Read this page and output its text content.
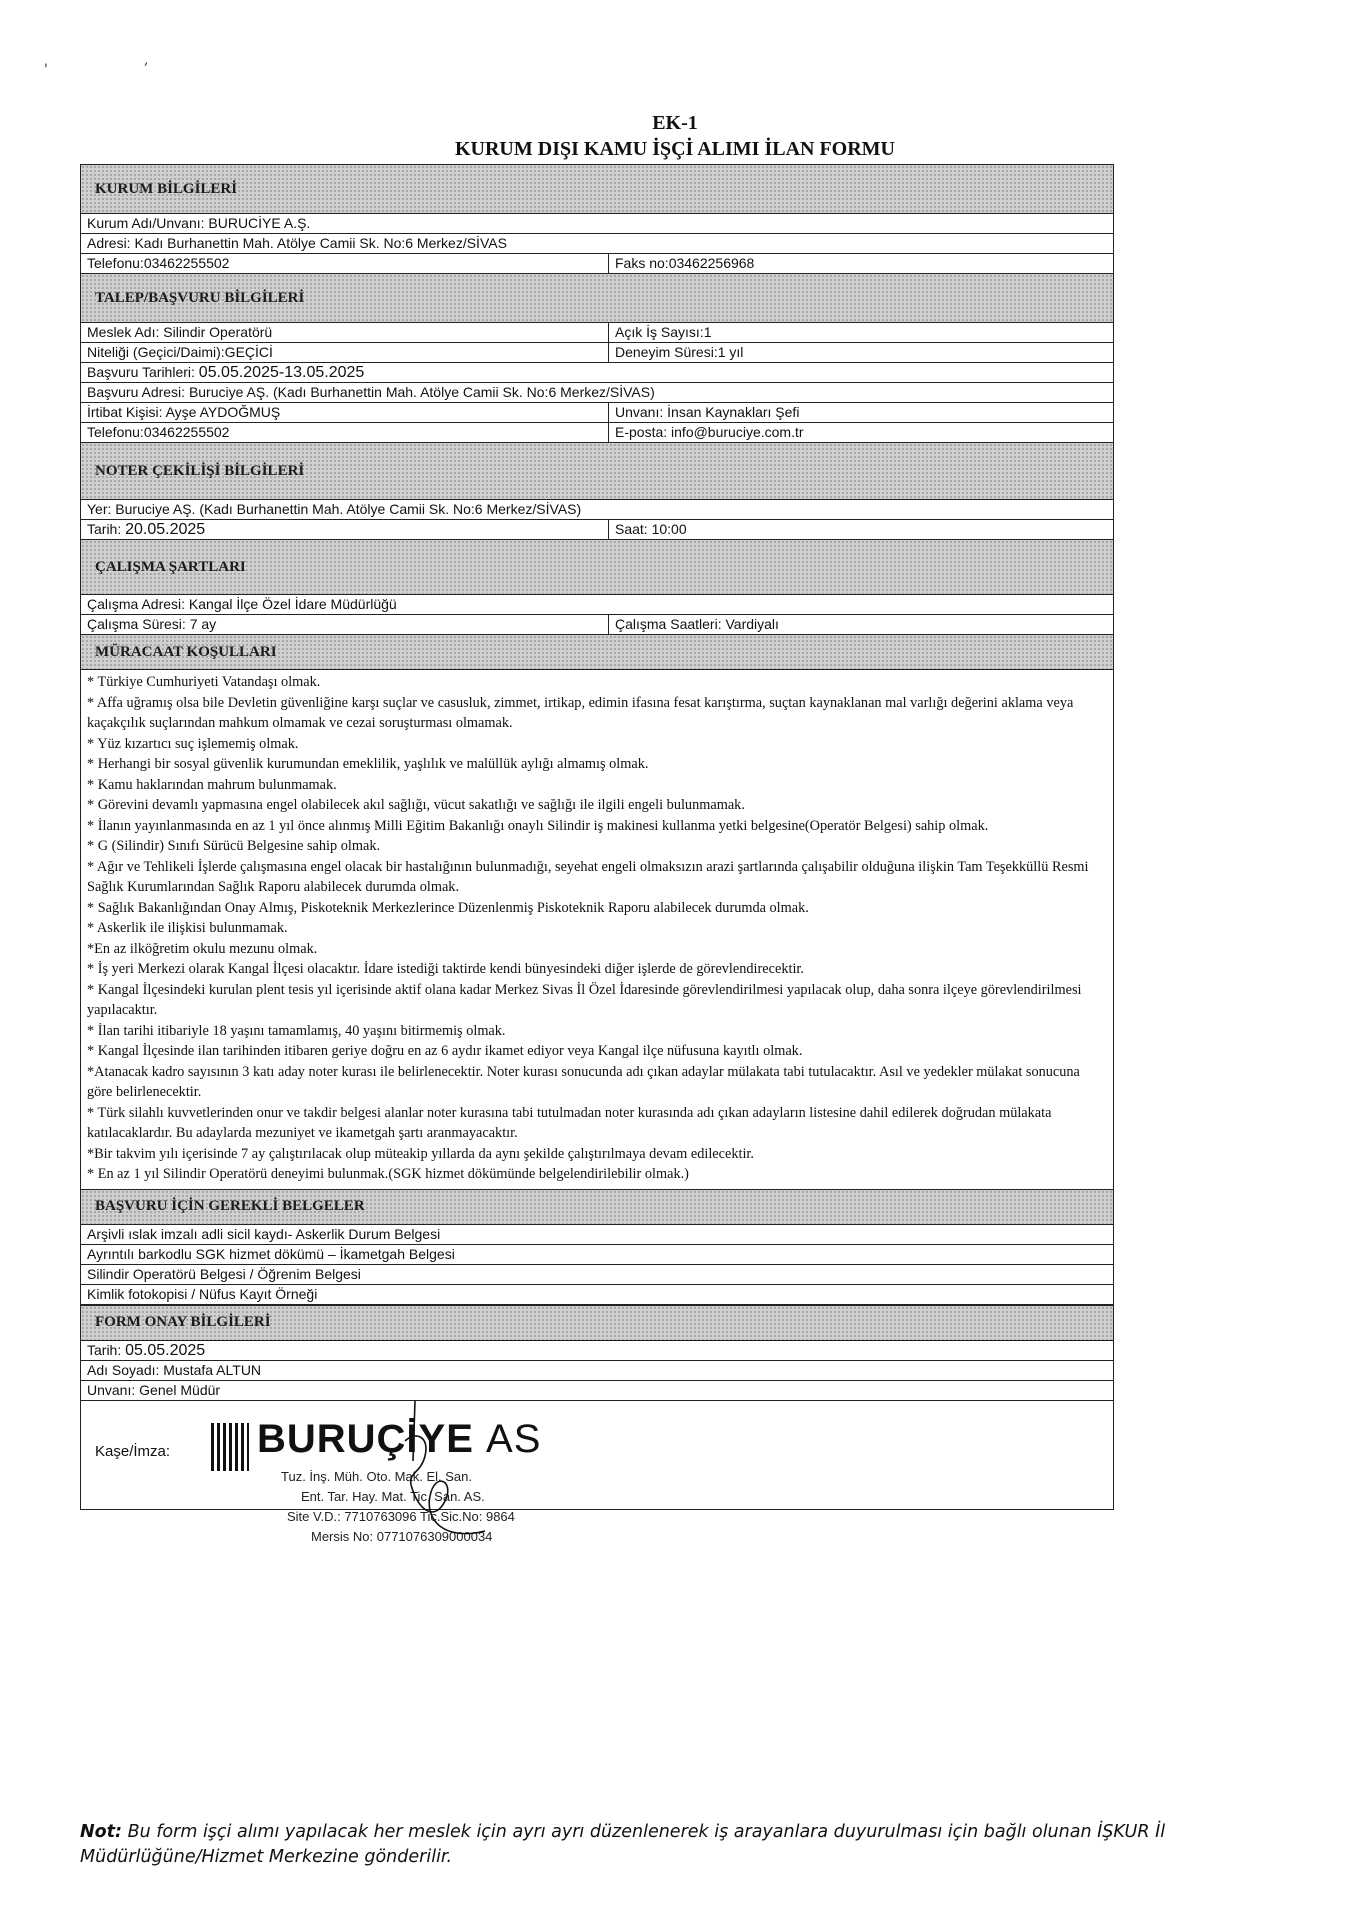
'
,
EK-1
KURUM DIŞI KAMU İŞÇİ ALIMI İLAN FORMU
KURUM BİLGİLERİ
Kurum Adı/Unvanı: BURUCİYE A.Ş.
Adresi: Kadı Burhanettin Mah. Atölye Camii Sk. No:6 Merkez/SİVAS
Telefonu:03462255502	Faks no:03462256968
TALEP/BAŞVURU BİLGİLERİ
Meslek Adı: Silindir Operatörü	Açık İş Sayısı:1
Niteliği (Geçici/Daimi):GEÇİCİ	Deneyim Süresi:1 yıl
Başvuru Tarihleri: 05.05.2025-13.05.2025
Başvuru Adresi: Buruciye AŞ. (Kadı Burhanettin Mah. Atölye Camii Sk. No:6 Merkez/SİVAS)
İrtibat Kişisi: Ayşe AYDOĞMUŞ	Unvanı: İnsan Kaynakları Şefi
Telefonu:03462255502	E-posta: info@buruciye.com.tr
NOTER ÇEKİLİŞİ BİLGİLERİ
Yer: Buruciye AŞ. (Kadı Burhanettin Mah. Atölye Camii Sk. No:6 Merkez/SİVAS)
Tarih: 20.05.2025	Saat: 10:00
ÇALIŞMA ŞARTLARI
Çalışma Adresi: Kangal İlçe Özel İdare Müdürlüğü
Çalışma Süresi: 7 ay	Çalışma Saatleri: Vardiyalı
MÜRACAAT KOŞULLARI

* Türkiye Cumhuriyeti Vatandaşı olmak.

* Affa uğramış olsa bile Devletin güvenliğine karşı suçlar ve casusluk, zimmet, irtikap, edimin ifasına fesat karıştırma, suçtan kaynaklanan mal varlığı değerini aklama veya kaçakçılık suçlarından mahkum olmamak ve cezai soruşturması olmamak.

* Yüz kızartıcı suç işlememiş olmak.

* Herhangi bir sosyal güvenlik kurumundan emeklilik, yaşlılık ve malüllük aylığı almamış olmak.

* Kamu haklarından mahrum bulunmamak.

* Görevini devamlı yapmasına engel olabilecek akıl sağlığı, vücut sakatlığı ve sağlığı ile ilgili engeli bulunmamak.

* İlanın yayınlanmasında en az 1 yıl önce alınmış Milli Eğitim Bakanlığı onaylı Silindir iş makinesi kullanma yetki belgesine(Operatör Belgesi) sahip olmak.

* G (Silindir) Sınıfı Sürücü Belgesine sahip olmak.

* Ağır ve Tehlikeli İşlerde çalışmasına engel olacak bir hastalığının bulunmadığı, seyehat engeli olmaksızın arazi şartlarında çalışabilir olduğuna ilişkin Tam Teşekküllü Resmi Sağlık Kurumlarından Sağlık Raporu alabilecek durumda olmak.

* Sağlık Bakanlığından Onay Almış, Piskoteknik Merkezlerince Düzenlenmiş Piskoteknik Raporu alabilecek durumda olmak.

* Askerlik ile ilişkisi bulunmamak.

*En az ilköğretim okulu mezunu olmak.

* İş yeri Merkezi olarak Kangal İlçesi olacaktır. İdare istediği taktirde kendi bünyesindeki diğer işlerde de görevlendirecektir.

* Kangal İlçesindeki kurulan plent tesis yıl içerisinde aktif olana kadar Merkez Sivas İl Özel İdaresinde görevlendirilmesi yapılacak olup, daha sonra ilçeye görevlendirilmesi yapılacaktır.

* İlan tarihi itibariyle 18 yaşını tamamlamış, 40 yaşını bitirmemiş olmak.

* Kangal İlçesinde ilan tarihinden itibaren geriye doğru en az 6 aydır ikamet ediyor veya Kangal ilçe nüfusuna kayıtlı olmak.

*Atanacak kadro sayısının 3 katı aday noter kurası ile belirlenecektir. Noter kurası sonucunda adı çıkan adaylar mülakata tabi tutulacaktır. Asıl ve yedekler mülakat sonucuna göre belirlenecektir.

* Türk silahlı kuvvetlerinden onur ve takdir belgesi alanlar noter kurasına tabi tutulmadan noter kurasında adı çıkan adayların listesine dahil edilerek doğrudan mülakata katılacaklardır. Bu adaylarda mezuniyet ve ikametgah şartı aranmayacaktır.

*Bir takvim yılı içerisinde 7 ay çalıştırılacak olup müteakip yıllarda da aynı şekilde çalıştırılmaya devam edilecektir.

* En az 1 yıl Silindir Operatörü deneyimi bulunmak.(SGK hizmet dökümünde belgelendirilebilir olmak.)

BAŞVURU İÇİN GEREKLİ BELGELER
Arşivli ıslak imzalı adli sicil kaydı- Askerlik Durum Belgesi
Ayrıntılı barkodlu SGK hizmet dökümü – İkametgah Belgesi
Silindir Operatörü Belgesi / Öğrenim Belgesi
Kimlik fotokopisi / Nüfus Kayıt Örneği
FORM ONAY BİLGİLERİ
Tarih: 05.05.2025
Adı Soyadı: Mustafa ALTUN
Unvanı: Genel Müdür
Kaşe/İmza:	BURUÇİYE AS
Tuz. İnş. Müh. Oto. Mak. El. San.
Ent. Tar. Hay. Mat. Tic. San. AS.
Site V.D.: 7710763096 Tic.Sic.No: 9864
Mersis No: 0771076309000034
Not: Bu form işçi alımı yapılacak her meslek için ayrı ayrı düzenlenerek iş arayanlara duyurulması için bağlı olunan İŞKUR İl Müdürlüğüne/Hizmet Merkezine gönderilir.
